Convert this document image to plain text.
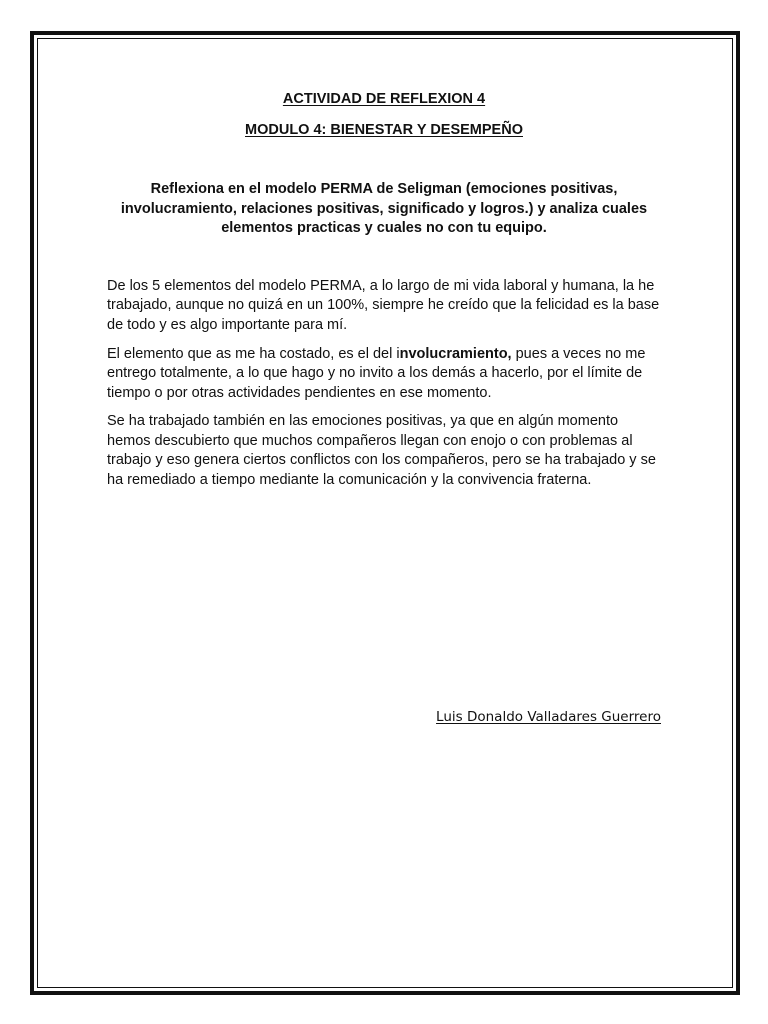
ACTIVIDAD DE REFLEXION 4
MODULO 4: BIENESTAR Y DESEMPEÑO

Reflexiona en el modelo PERMA de Seligman (emociones positivas, involucramiento, relaciones positivas, significado y logros.) y analiza cuales elementos practicas y cuales no con tu equipo.

De los 5 elementos del modelo PERMA, a lo largo de mi vida laboral y humana, la he trabajado, aunque no quizá en un 100%, siempre he creído que la felicidad es la base de todo y es algo importante para mí.

El elemento que as me ha costado, es el del involucramiento, pues a veces no me entrego totalmente, a lo que hago y no invito a los demás a hacerlo, por el límite de tiempo o por otras actividades pendientes en ese momento.

Se ha trabajado también en las emociones positivas, ya que en algún momento hemos descubierto que muchos compañeros llegan con enojo o con problemas al trabajo y eso genera ciertos conflictos con los compañeros, pero se ha trabajado y se ha remediado a tiempo mediante la comunicación y la convivencia fraterna.

Luis Donaldo Valladares Guerrero
